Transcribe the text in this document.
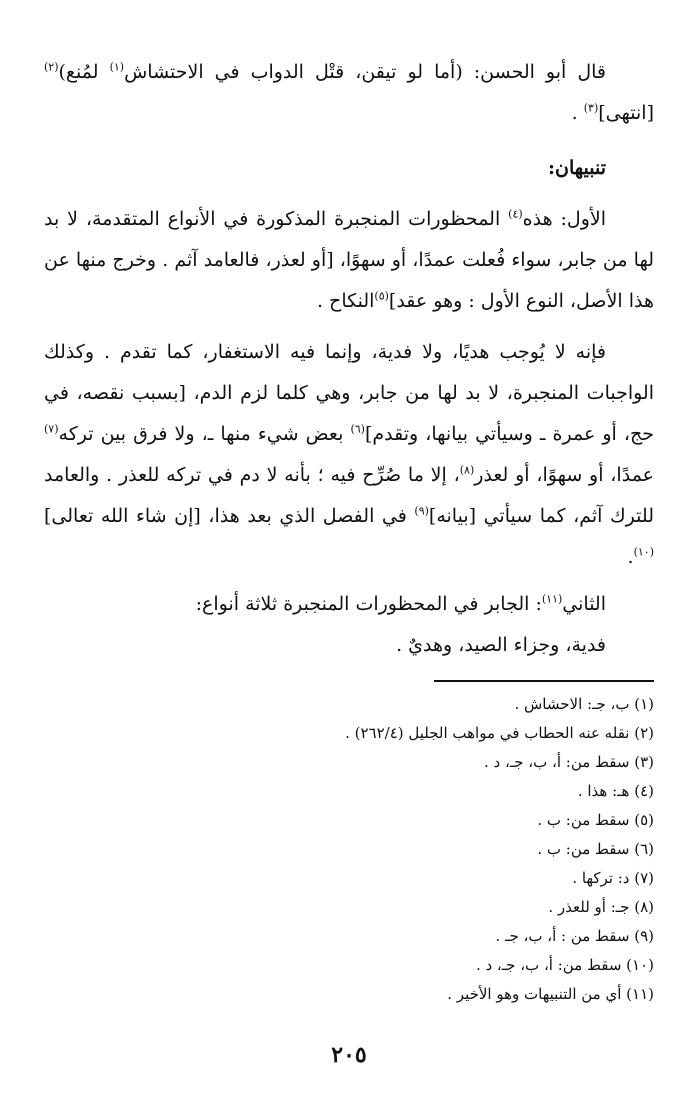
قال أبو الحسن: (أما لو تيقن، قتْل الدواب في الاحتشاش$^{(١)}$ لمُنع)$^{(٢)}$ [انتهى]$^{(٣)}$ .

تنبيهان:

الأول: هذه$^{(٤)}$ المحظورات المنجبرة المذكورة في الأنواع المتقدمة، لا بد لها من جابر، سواء فُعلت عمدًا، أو سهوًا، [أو لعذر، فالعامد آثم . وخرج منها عن هذا الأصل، النوع الأول : وهو عقد]$^{(٥)}$النكاح .

فإنه لا يُوجب هديًا، ولا فدية، وإنما فيه الاستغفار، كما تقدم . وكذلك الواجبات المنجبرة، لا بد لها من جابر، وهي كلما لزم الدم، [بسبب نقصه، في حج، أو عمرة ـ وسيأتي بيانها، وتقدم]$^{(٦)}$ بعض شيء منها ـ، ولا فرق بين تركه$^{(٧)}$ عمدًا، أو سهوًا، أو لعذر$^{(٨)}$، إلا ما صُرِّح فيه ؛ بأنه لا دم في تركه للعذر . والعامد للترك آثم، كما سيأتي [بيانه]$^{(٩)}$ في الفصل الذي بعد هذا، [إن شاء الله تعالى]$^{(١٠)}$.

الثاني$^{(١١)}$: الجابر في المحظورات المنجبرة ثلاثة أنواع:

فدية، وجزاء الصيد، وهديٌ .

(١) ب، جـ: الاحشاش .
(٢) نقله عنه الحطاب في مواهب الجليل (٢٦٢/٤) .
(٣) سقط من: أ، ب، جـ، د .
(٤) هـ: هذا .
(٥) سقط من: ب .
(٦) سقط من: ب .
(٧) د: تركها .
(٨) جـ: أو للعذر .
(٩) سقط من : أ، ب، جـ .
(١٠) سقط من: أ، ب، جـ، د .
(١١) أي من التنبيهات وهو الأخير .
٢٠٥
